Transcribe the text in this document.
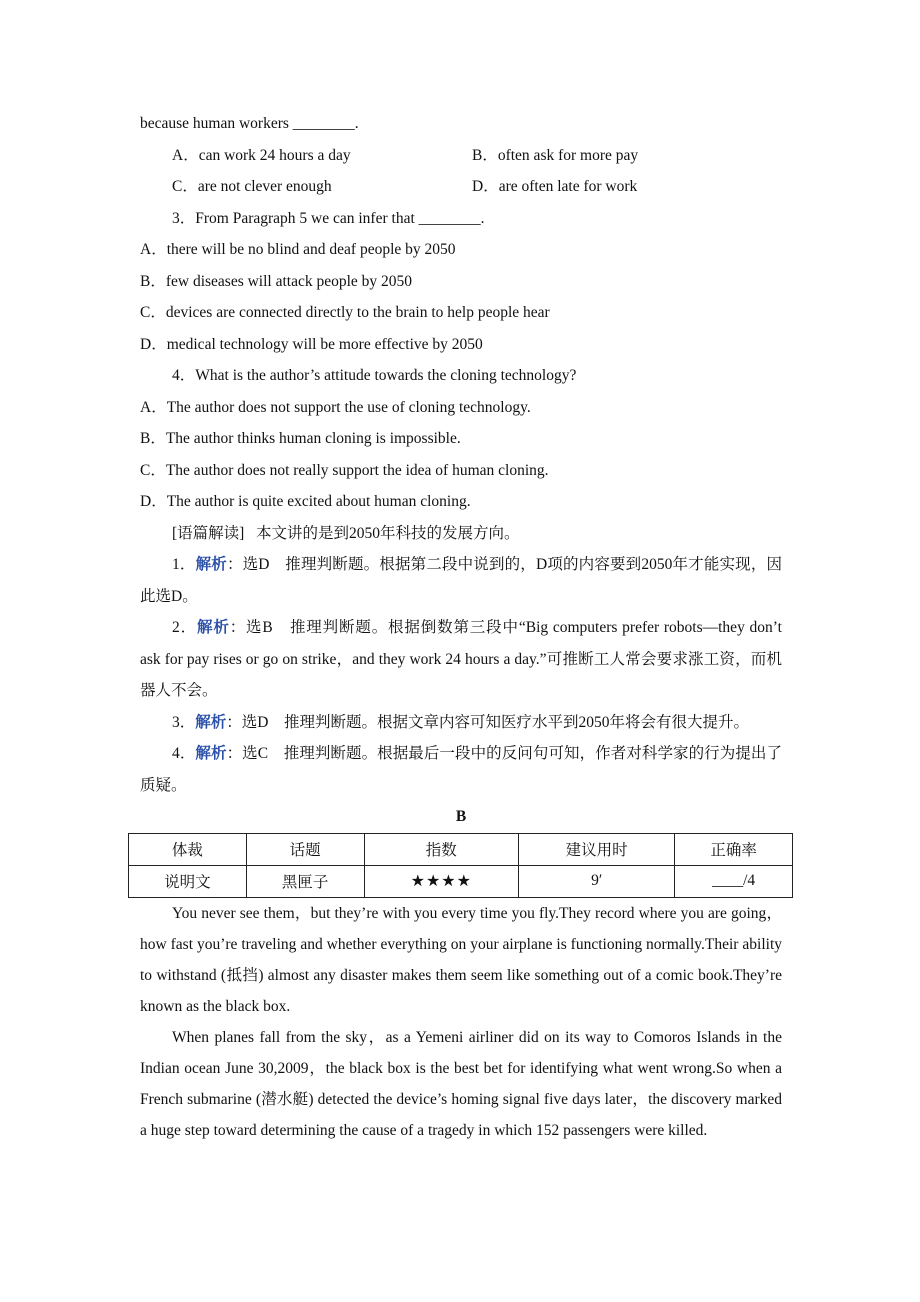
because human workers ________.
A．can work 24 hours a day	B．often ask for more pay
C．are not clever enough	D．are often late for work
3．From Paragraph 5 we can infer that ________.
A．there will be no blind and deaf people by 2050
B．few diseases will attack people by 2050
C．devices are connected directly to the brain to help people hear
D．medical technology will be more effective by 2050
4．What is the author’s attitude towards the cloning technology?
A．The author does not support the use of cloning technology.
B．The author thinks human cloning is impossible.
C．The author does not really support the idea of human cloning.
D．The author is quite excited about human cloning.
[语篇解读] 本文讲的是到2050年科技的发展方向。

1．解析：选D　推理判断题。根据第二段中说到的，D项的内容要到2050年才能实现，因此选D。

2．解析：选B　推理判断题。根据倒数第三段中“Big computers prefer robots—they don’t ask for pay rises or go on strike，and they work 24 hours a day.”可推断工人常会要求涨工资，而机器人不会。

3．解析：选D　推理判断题。根据文章内容可知医疗水平到2050年将会有很大提升。

4．解析：选C　推理判断题。根据最后一段中的反问句可知，作者对科学家的行为提出了质疑。

B
体裁	话题	指数	建议用时	正确率
说明文	黑匣子	★★★★	9′	____/4

You never see them，but they’re with you every time you fly.They record where you are going，how fast you’re traveling and whether everything on your airplane is functioning normally.Their ability to withstand (抵挡) almost any disaster makes them seem like something out of a comic book.They’re known as the black box.

When planes fall from the sky，as a Yemeni airliner did on its way to Comoros Islands in the Indian ocean June 30,2009，the black box is the best bet for identifying what went wrong.So when a French submarine (潜水艇) detected the device’s homing signal five days later，the discovery marked a huge step toward determining the cause of a tragedy in which 152 passengers were killed.
